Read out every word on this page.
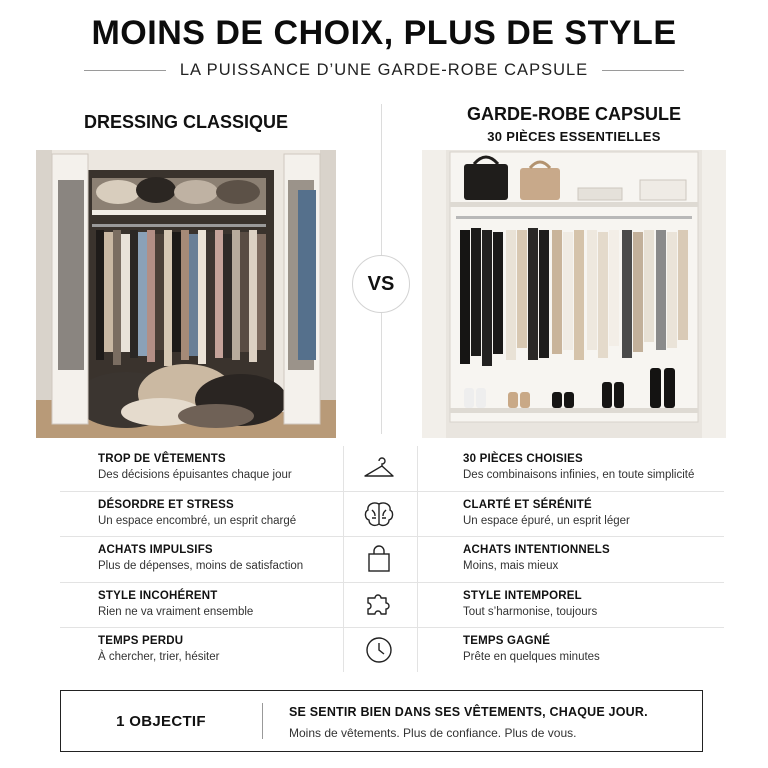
MOINS DE CHOIX, PLUS DE STYLE
LA PUISSANCE D’UNE GARDE-ROBE CAPSULE
DRESSING CLASSIQUE	GARDE-ROBE CAPSULE
30 PIÈCES ESSENTIELLES
VS
TROP DE VÊTEMENTS
Des décisions épuisantes chaque jour
30 PIÈCES CHOISIES
Des combinaisons infinies, en toute simplicité
DÉSORDRE ET STRESS
Un espace encombré, un esprit chargé
CLARTÉ ET SÉRÉNITÉ
Un espace épuré, un esprit léger
ACHATS IMPULSIFS
Plus de dépenses, moins de satisfaction
ACHATS INTENTIONNELS
Moins, mais mieux
STYLE INCOHÉRENT
Rien ne va vraiment ensemble
STYLE INTEMPOREL
Tout s’harmonise, toujours
TEMPS PERDU
À chercher, trier, hésiter
TEMPS GAGNÉ
Prête en quelques minutes
1 OBJECTIF
SE SENTIR BIEN DANS SES VÊTEMENTS, CHAQUE JOUR.
Moins de vêtements. Plus de confiance. Plus de vous.
